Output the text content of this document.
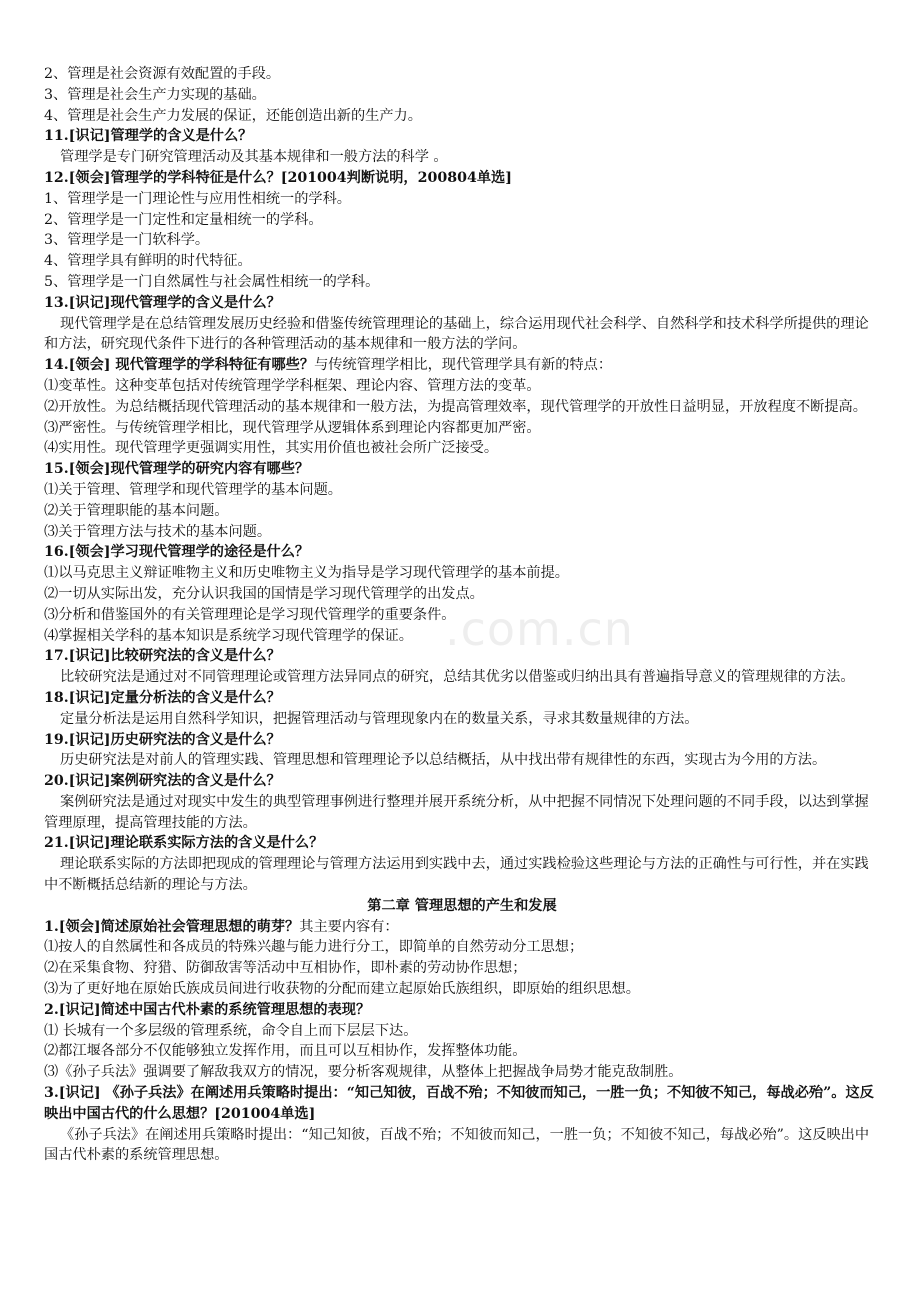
2、管理是社会资源有效配置的手段。
3、管理是社会生产力实现的基础。
4、管理是社会生产力发展的保证，还能创造出新的生产力。
11.[识记]管理学的含义是什么？
管理学是专门研究管理活动及其基本规律和一般方法的科学 。
12.[领会]管理学的学科特征是什么？[201004判断说明，200804单选]
1、管理学是一门理论性与应用性相统一的学科。
2、管理学是一门定性和定量相统一的学科。
3、管理学是一门软科学。
4、管理学具有鲜明的时代特征。
5、管理学是一门自然属性与社会属性相统一的学科。
13.[识记]现代管理学的含义是什么？
现代管理学是在总结管理发展历史经验和借鉴传统管理理论的基础上，综合运用现代社会科学、自然科学和技术科学所提供的理论和方法，研究现代条件下进行的各种管理活动的基本规律和一般方法的学问。
14.[领会] 现代管理学的学科特征有哪些？与传统管理学相比，现代管理学具有新的特点：
⑴变革性。这种变革包括对传统管理学学科框架、理论内容、管理方法的变革。
⑵开放性。为总结概括现代管理活动的基本规律和一般方法，为提高管理效率，现代管理学的开放性日益明显，开放程度不断提高。
⑶严密性。与传统管理学相比，现代管理学从逻辑体系到理论内容都更加严密。
⑷实用性。现代管理学更强调实用性，其实用价值也被社会所广泛接受。
15.[领会]现代管理学的研究内容有哪些？
⑴关于管理、管理学和现代管理学的基本问题。
⑵关于管理职能的基本问题。
⑶关于管理方法与技术的基本问题。
16.[领会]学习现代管理学的途径是什么？
⑴以马克思主义辩证唯物主义和历史唯物主义为指导是学习现代管理学的基本前提。
⑵一切从实际出发，充分认识我国的国情是学习现代管理学的出发点。
⑶分析和借鉴国外的有关管理理论是学习现代管理学的重要条件。
⑷掌握相关学科的基本知识是系统学习现代管理学的保证。
17.[识记]比较研究法的含义是什么？
比较研究法是通过对不同管理理论或管理方法异同点的研究，总结其优劣以借鉴或归纳出具有普遍指导意义的管理规律的方法。
18.[识记]定量分析法的含义是什么？
定量分析法是运用自然科学知识，把握管理活动与管理现象内在的数量关系，寻求其数量规律的方法。
19.[识记]历史研究法的含义是什么？
历史研究法是对前人的管理实践、管理思想和管理理论予以总结概括，从中找出带有规律性的东西，实现古为今用的方法。
20.[识记]案例研究法的含义是什么？
案例研究法是通过对现实中发生的典型管理事例进行整理并展开系统分析，从中把握不同情况下处理问题的不同手段，以达到掌握管理原理，提高管理技能的方法。
21.[识记]理论联系实际方法的含义是什么？
理论联系实际的方法即把现成的管理理论与管理方法运用到实践中去，通过实践检验这些理论与方法的正确性与可行性，并在实践中不断概括总结新的理论与方法。
第二章 管理思想的产生和发展
1.[领会]简述原始社会管理思想的萌芽？其主要内容有：
⑴按人的自然属性和各成员的特殊兴趣与能力进行分工，即简单的自然劳动分工思想；
⑵在采集食物、狩猎、防御敌害等活动中互相协作，即朴素的劳动协作思想；
⑶为了更好地在原始氏族成员间进行收获物的分配而建立起原始氏族组织，即原始的组织思想。
2.[识记]简述中国古代朴素的系统管理思想的表现？
⑴ 长城有一个多层级的管理系统，命令自上而下层层下达。
⑵都江堰各部分不仅能够独立发挥作用，而且可以互相协作，发挥整体功能。
⑶《孙子兵法》强调要了解敌我双方的情况，要分析客观规律，从整体上把握战争局势才能克敌制胜。
3.[识记] 《孙子兵法》在阐述用兵策略时提出：“知己知彼，百战不殆；不知彼而知己，一胜一负；不知彼不知己，每战必殆”。这反映出中国古代的什么思想？[201004单选]
《孙子兵法》在阐述用兵策略时提出：“知己知彼，百战不殆；不知彼而知己，一胜一负；不知彼不知己，每战必殆”。这反映出中国古代朴素的系统管理思想。
.com.cn
